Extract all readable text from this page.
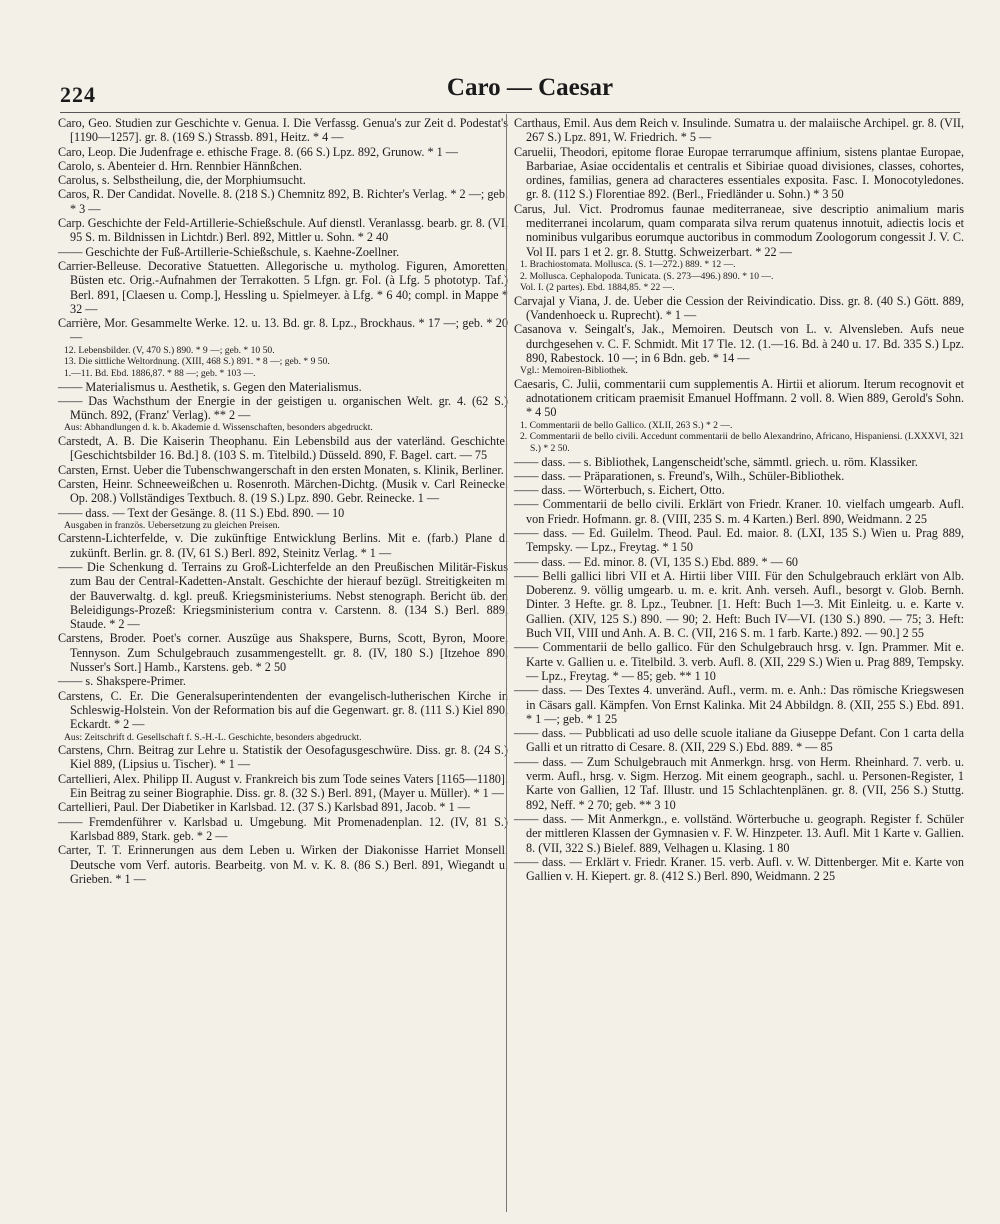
224	Caro — Caesar

Caro, Geo. Studien zur Geschichte v. Genua. I. Die Verfassg. Genua's zur Zeit d. Podestat's [1190—1257]. gr. 8. (169 S.) Strassb. 891, Heitz. * 4 —

Caro, Leop. Die Judenfrage e. ethische Frage. 8. (66 S.) Lpz. 892, Grunow. * 1 —

Carolo, s. Abenteier d. Hrn. Rennbier Hännßchen.

Carolus, s. Selbstheilung, die, der Morphiumsucht.

Caros, R. Der Candidat. Novelle. 8. (218 S.) Chemnitz 892, B. Richter's Verlag. * 2 —; geb. * 3 —

Carp. Geschichte der Feld-Artillerie-Schießschule. Auf dienstl. Veranlassg. bearb. gr. 8. (VI, 95 S. m. Bildnissen in Lichtdr.) Berl. 892, Mittler u. Sohn. * 2 40

—— Geschichte der Fuß-Artillerie-Schießschule, s. Kaehne-Zoellner.

Carrier-Belleuse. Decorative Statuetten. Allegorische u. mytholog. Figuren, Amoretten, Büsten etc. Orig.-Aufnahmen der Terrakotten. 5 Lfgn. gr. Fol. (à Lfg. 5 phototyp. Taf.) Berl. 891, [Claesen u. Comp.], Hessling u. Spielmeyer. à Lfg. * 6 40; compl. in Mappe * 32 —

Carrière, Mor. Gesammelte Werke. 12. u. 13. Bd. gr. 8. Lpz., Brockhaus. * 17 —; geb. * 20 —

12. Lebensbilder. (V, 470 S.) 890. * 9 —; geb. * 10 50.

13. Die sittliche Weltordnung. (XIII, 468 S.) 891. * 8 —; geb. * 9 50.

1.—11. Bd. Ebd. 1886,87. * 88 —; geb. * 103 —.

—— Materialismus u. Aesthetik, s. Gegen den Materialismus.

—— Das Wachsthum der Energie in der geistigen u. organischen Welt. gr. 4. (62 S.) Münch. 892, (Franz' Verlag). ** 2 —

Aus: Abhandlungen d. k. b. Akademie d. Wissenschaften, besonders abgedruckt.

Carstedt, A. B. Die Kaiserin Theophanu. Ein Lebensbild aus der vaterländ. Geschichte. [Geschichtsbilder 16. Bd.] 8. (103 S. m. Titelbild.) Düsseld. 890, F. Bagel. cart. — 75

Carsten, Ernst. Ueber die Tubenschwangerschaft in den ersten Monaten, s. Klinik, Berliner.

Carsten, Heinr. Schneeweißchen u. Rosenroth. Märchen-Dichtg. (Musik v. Carl Reinecke. Op. 208.) Vollständiges Textbuch. 8. (19 S.) Lpz. 890. Gebr. Reinecke. 1 —

—— dass. — Text der Gesänge. 8. (11 S.) Ebd. 890. — 10

Ausgaben in französ. Uebersetzung zu gleichen Preisen.

Carstenn-Lichterfelde, v. Die zukünftige Entwicklung Berlins. Mit e. (farb.) Plane d. zukünft. Berlin. gr. 8. (IV, 61 S.) Berl. 892, Steinitz Verlag. * 1 —

—— Die Schenkung d. Terrains zu Groß-Lichterfelde an den Preußischen Militär-Fiskus zum Bau der Central-Kadetten-Anstalt. Geschichte der hierauf bezügl. Streitigkeiten m. der Bauverwaltg. d. kgl. preuß. Kriegsministeriums. Nebst stenograph. Bericht üb. den Beleidigungs-Prozeß: Kriegsministerium contra v. Carstenn. 8. (134 S.) Berl. 889, Staude. * 2 —

Carstens, Broder. Poet's corner. Auszüge aus Shakspere, Burns, Scott, Byron, Moore, Tennyson. Zum Schulgebrauch zusammengestellt. gr. 8. (IV, 180 S.) [Itzehoe 890, Nusser's Sort.] Hamb., Karstens. geb. * 2 50

—— s. Shakspere-Primer.

Carstens, C. Er. Die Generalsuperintendenten der evangelisch-lutherischen Kirche in Schleswig-Holstein. Von der Reformation bis auf die Gegenwart. gr. 8. (111 S.) Kiel 890, Eckardt. * 2 —

Aus: Zeitschrift d. Gesellschaft f. S.-H.-L. Geschichte, besonders abgedruckt.

Carstens, Chrn. Beitrag zur Lehre u. Statistik der Oesofagusgeschwüre. Diss. gr. 8. (24 S.) Kiel 889, (Lipsius u. Tischer). * 1 —

Cartellieri, Alex. Philipp II. August v. Frankreich bis zum Tode seines Vaters [1165—1180]. Ein Beitrag zu seiner Biographie. Diss. gr. 8. (32 S.) Berl. 891, (Mayer u. Müller). * 1 —

Cartellieri, Paul. Der Diabetiker in Karlsbad. 12. (37 S.) Karlsbad 891, Jacob. * 1 —

—— Fremdenführer v. Karlsbad u. Umgebung. Mit Promenadenplan. 12. (IV, 81 S.) Karlsbad 889, Stark. geb. * 2 —

Carter, T. T. Erinnerungen aus dem Leben u. Wirken der Diakonisse Harriet Monsell. Deutsche vom Verf. autoris. Bearbeitg. von M. v. K. 8. (86 S.) Berl. 891, Wiegandt u. Grieben. * 1 —

Carthaus, Emil. Aus dem Reich v. Insulinde. Sumatra u. der malaiische Archipel. gr. 8. (VII, 267 S.) Lpz. 891, W. Friedrich. * 5 —

Caruelii, Theodori, epitome florae Europae terrarumque affinium, sistens plantae Europae, Barbariae, Asiae occidentalis et centralis et Sibiriae quoad divisiones, classes, cohortes, ordines, familias, genera ad characteres essentiales exposita. Fasc. I. Monocotyledones. gr. 8. (112 S.) Florentiae 892. (Berl., Friedländer u. Sohn.) * 3 50

Carus, Jul. Vict. Prodromus faunae mediterraneae, sive descriptio animalium maris mediterranei incolarum, quam comparata silva rerum quatenus innotuit, adiectis locis et nominibus vulgaribus eorumque auctoribus in commodum Zoologorum congessit J. V. C. Vol II. pars 1 et 2. gr. 8. Stuttg. Schweizerbart. * 22 —

1. Brachiostomata. Mollusca. (S. 1—272.) 889. * 12 —.

2. Mollusca. Cephalopoda. Tunicata. (S. 273—496.) 890. * 10 —.

Vol. I. (2 partes). Ebd. 1884,85. * 22 —.

Carvajal y Viana, J. de. Ueber die Cession der Reivindicatio. Diss. gr. 8. (40 S.) Gött. 889, (Vandenhoeck u. Ruprecht). * 1 —

Casanova v. Seingalt's, Jak., Memoiren. Deutsch von L. v. Alvensleben. Aufs neue durchgesehen v. C. F. Schmidt. Mit 17 Tle. 12. (1.—16. Bd. à 240 u. 17. Bd. 335 S.) Lpz. 890, Rabestock. 10 —; in 6 Bdn. geb. * 14 —

Vgl.: Memoiren-Bibliothek.

Caesaris, C. Julii, commentarii cum supplementis A. Hirtii et aliorum. Iterum recognovit et adnotationem criticam praemisit Emanuel Hoffmann. 2 voll. 8. Wien 889, Gerold's Sohn. * 4 50

1. Commentarii de bello Gallico. (XLII, 263 S.) * 2 —.

2. Commentarii de bello civili. Accedunt commentarii de bello Alexandrino, Africano, Hispaniensi. (LXXXVI, 321 S.) * 2 50.

—— dass. — s. Bibliothek, Langenscheidt'sche, sämmtl. griech. u. röm. Klassiker.

—— dass. — Präparationen, s. Freund's, Wilh., Schüler-Bibliothek.

—— dass. — Wörterbuch, s. Eichert, Otto.

—— Commentarii de bello civili. Erklärt von Friedr. Kraner. 10. vielfach umgearb. Aufl. von Friedr. Hofmann. gr. 8. (VIII, 235 S. m. 4 Karten.) Berl. 890, Weidmann. 2 25

—— dass. — Ed. Guilelm. Theod. Paul. Ed. maior. 8. (LXI, 135 S.) Wien u. Prag 889, Tempsky. — Lpz., Freytag. * 1 50

—— dass. — Ed. minor. 8. (VI, 135 S.) Ebd. 889. * — 60

—— Belli gallici libri VII et A. Hirtii liber VIII. Für den Schulgebrauch erklärt von Alb. Doberenz. 9. völlig umgearb. u. m. e. krit. Anh. verseh. Aufl., besorgt v. Glob. Bernh. Dinter. 3 Hefte. gr. 8. Lpz., Teubner. [1. Heft: Buch 1—3. Mit Einleitg. u. e. Karte v. Gallien. (XIV, 125 S.) 890. — 90; 2. Heft: Buch IV—VI. (130 S.) 890. — 75; 3. Heft: Buch VII, VIII und Anh. A. B. C. (VII, 216 S. m. 1 farb. Karte.) 892. — 90.] 2 55

—— Commentarii de bello gallico. Für den Schulgebrauch hrsg. v. Ign. Prammer. Mit e. Karte v. Gallien u. e. Titelbild. 3. verb. Aufl. 8. (XII, 229 S.) Wien u. Prag 889, Tempsky. — Lpz., Freytag. * — 85; geb. ** 1 10

—— dass. — Des Textes 4. unveränd. Aufl., verm. m. e. Anh.: Das römische Kriegswesen in Cäsars gall. Kämpfen. Von Ernst Kalinka. Mit 24 Abbildgn. 8. (XII, 255 S.) Ebd. 891. * 1 —; geb. * 1 25

—— dass. — Pubblicati ad uso delle scuole italiane da Giuseppe Defant. Con 1 carta della Galli et un ritratto di Cesare. 8. (XII, 229 S.) Ebd. 889. * — 85

—— dass. — Zum Schulgebrauch mit Anmerkgn. hrsg. von Herm. Rheinhard. 7. verb. u. verm. Aufl., hrsg. v. Sigm. Herzog. Mit einem geograph., sachl. u. Personen-Register, 1 Karte von Gallien, 12 Taf. Illustr. und 15 Schlachtenplänen. gr. 8. (VII, 256 S.) Stuttg. 892, Neff. * 2 70; geb. ** 3 10

—— dass. — Mit Anmerkgn., e. vollständ. Wörterbuche u. geograph. Register f. Schüler der mittleren Klassen der Gymnasien v. F. W. Hinzpeter. 13. Aufl. Mit 1 Karte v. Gallien. 8. (VII, 322 S.) Bielef. 889, Velhagen u. Klasing. 1 80

—— dass. — Erklärt v. Friedr. Kraner. 15. verb. Aufl. v. W. Dittenberger. Mit e. Karte von Gallien v. H. Kiepert. gr. 8. (412 S.) Berl. 890, Weidmann. 2 25
